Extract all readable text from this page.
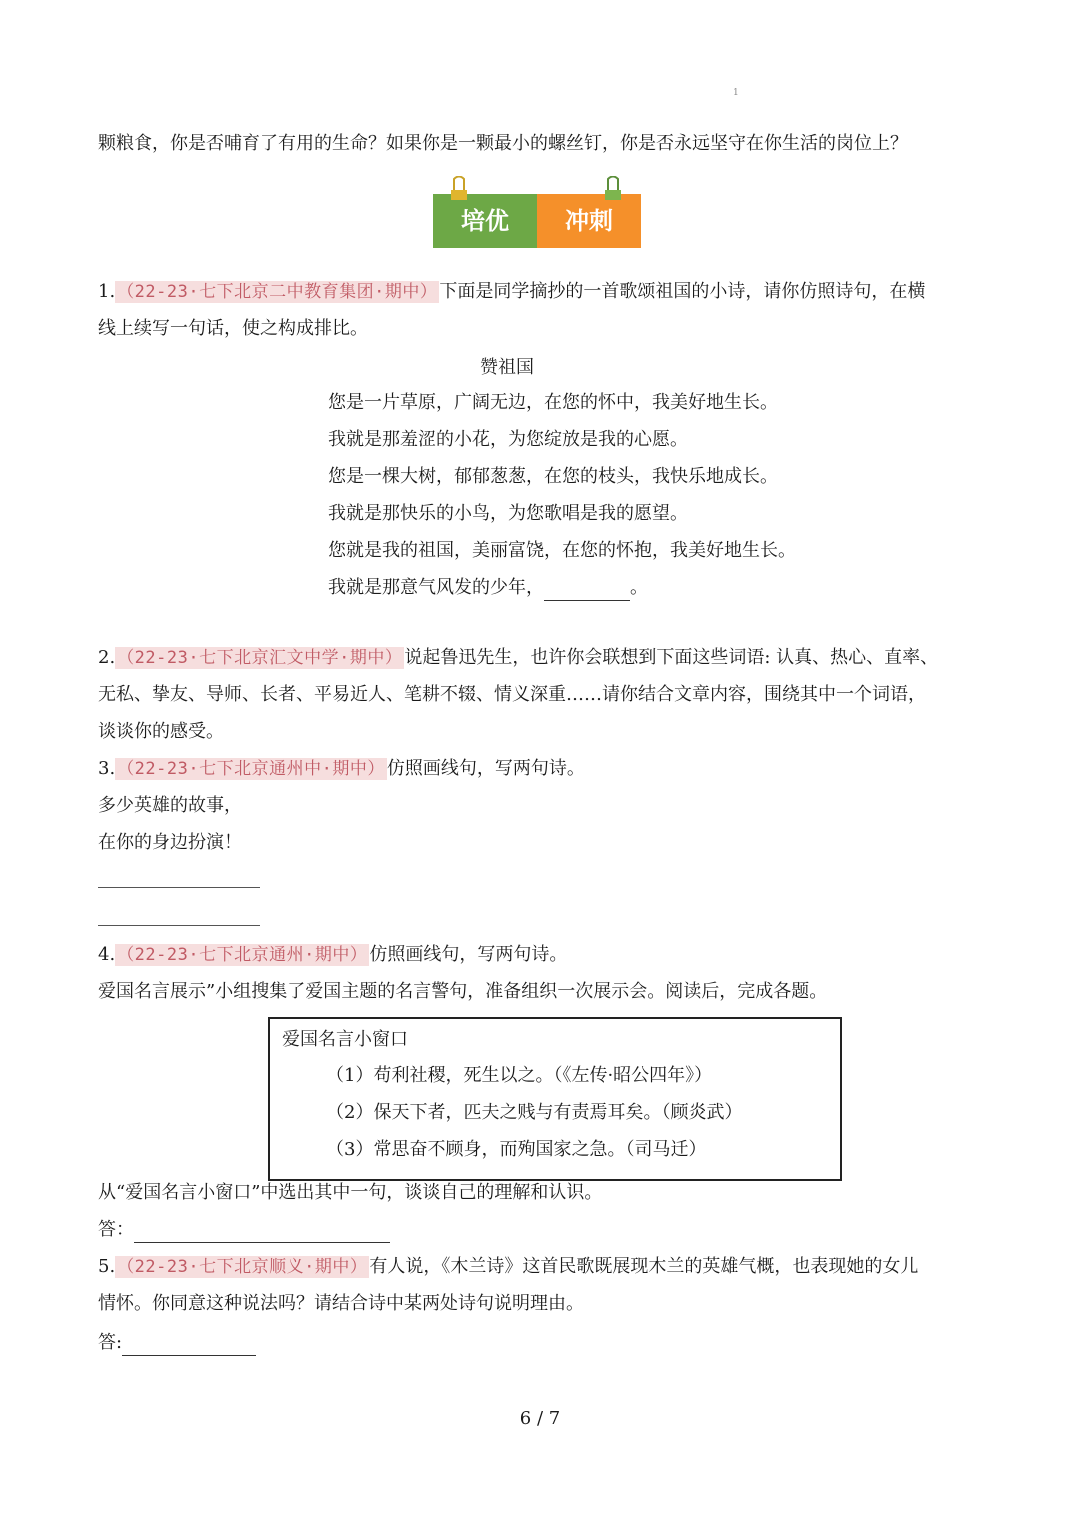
1
颗粮食，你是否哺育了有用的生命？如果你是一颗最小的螺丝钉，你是否永远坚守在你生活的岗位上？
培优	冲刺
1. （22-23·七下北京二中教育集团·期中） 下面是同学摘抄的一首歌颂祖国的小诗，请你仿照诗句，在横
线上续写一句话，使之构成排比。
赞祖国
您是一片草原，广阔无边，在您的怀中，我美好地生长。
我就是那羞涩的小花，为您绽放是我的心愿。
您是一棵大树，郁郁葱葱，在您的枝头，我快乐地成长。
我就是那快乐的小鸟，为您歌唱是我的愿望。
您就是我的祖国，美丽富饶，在您的怀抱，我美好地生长。
我就是那意气风发的少年，	。
2. （22-23·七下北京汇文中学·期中） 说起鲁迅先生，也许你会联想到下面这些词语: 认真、热心、直率、
无私、挚友、导师、长者、平易近人、笔耕不辍、情义深重……请你结合文章内容，围绕其中一个词语，
谈谈你的感受。
3. （22-23·七下北京通州中·期中） 仿照画线句，写两句诗。
多少英雄的故事，
在你的身边扮演！
4. （22-23·七下北京通州·期中） 仿照画线句，写两句诗。
爱国名言展示”小组搜集了爱国主题的名言警句，准备组织一次展示会。阅读后，完成各题。
爱国名言小窗口
（1）苟利社稷，死生以之。（《左传·昭公四年》）
（2）保天下者，匹夫之贱与有责焉耳矣。（顾炎武）
（3）常思奋不顾身，而殉国家之急。（司马迁）
从“爱国名言小窗口”中选出其中一句，谈谈自己的理解和认识。
答：
5. （22-23·七下北京顺义·期中） 有人说，《木兰诗》这首民歌既展现木兰的英雄气概，也表现她的女儿
情怀。你同意这种说法吗？请结合诗中某两处诗句说明理由。
答:
6 / 7
